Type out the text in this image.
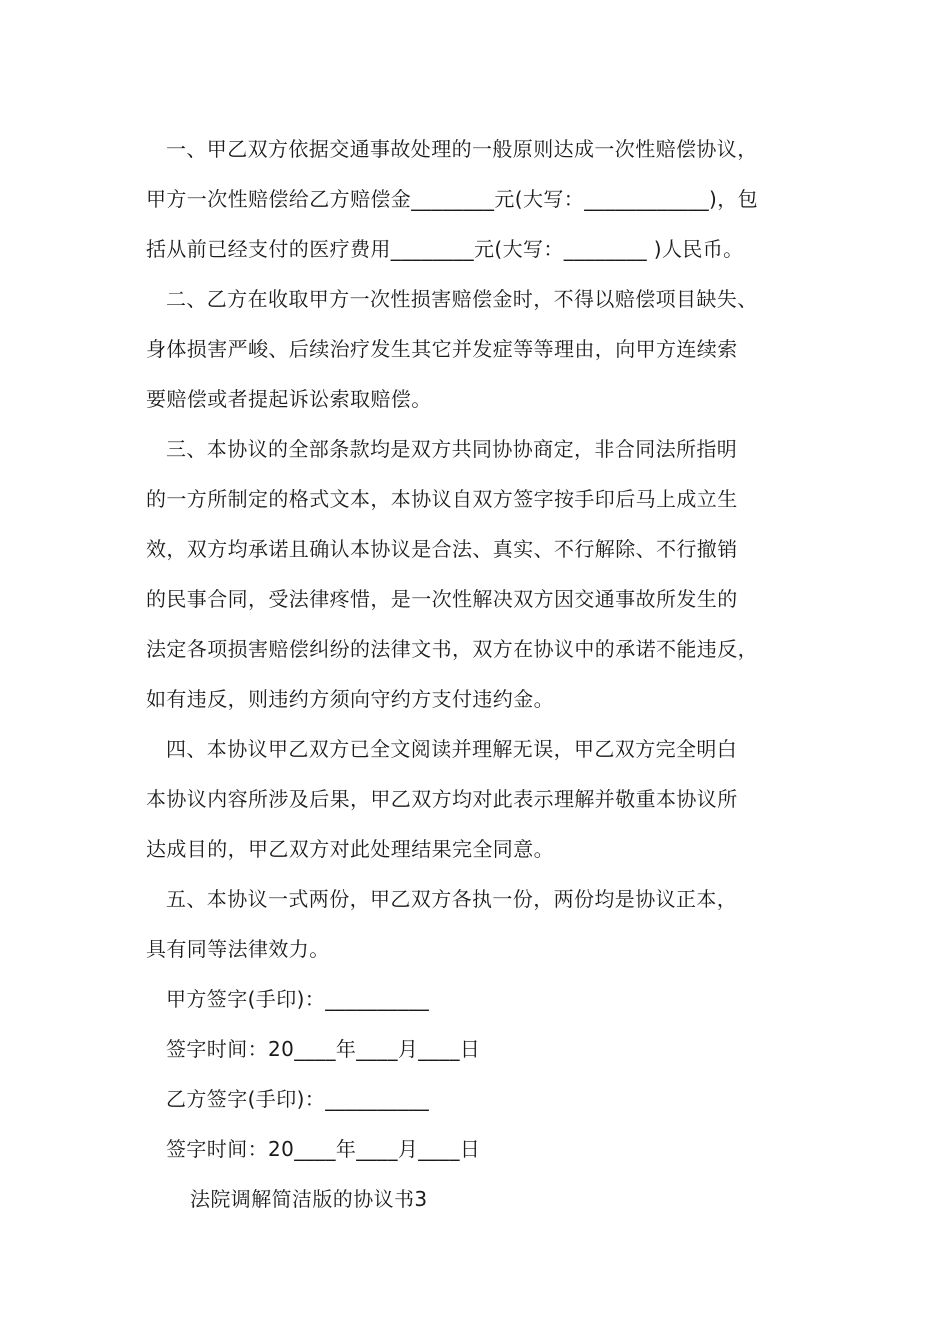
一、甲乙双方依据交通事故处理的一般原则达成一次性赔偿协议，
甲方一次性赔偿给乙方赔偿金________元(大写：____________)，包
括从前已经支付的医疗费用________元(大写：________ )人民币。
二、乙方在收取甲方一次性损害赔偿金时，不得以赔偿项目缺失、
身体损害严峻、后续治疗发生其它并发症等等理由，向甲方连续索
要赔偿或者提起诉讼索取赔偿。
三、本协议的全部条款均是双方共同协协商定，非合同法所指明
的一方所制定的格式文本，本协议自双方签字按手印后马上成立生
效，双方均承诺且确认本协议是合法、真实、不行解除、不行撤销
的民事合同，受法律疼惜，是一次性解决双方因交通事故所发生的
法定各项损害赔偿纠纷的法律文书，双方在协议中的承诺不能违反，
如有违反，则违约方须向守约方支付违约金。
四、本协议甲乙双方已全文阅读并理解无误，甲乙双方完全明白
本协议内容所涉及后果，甲乙双方均对此表示理解并敬重本协议所
达成目的，甲乙双方对此处理结果完全同意。
五、本协议一式两份，甲乙双方各执一份，两份均是协议正本，
具有同等法律效力。
甲方签字(手印)：__________
签字时间：20____年____月____日
乙方签字(手印)：__________
签字时间：20____年____月____日
法院调解简洁版的协议书3
